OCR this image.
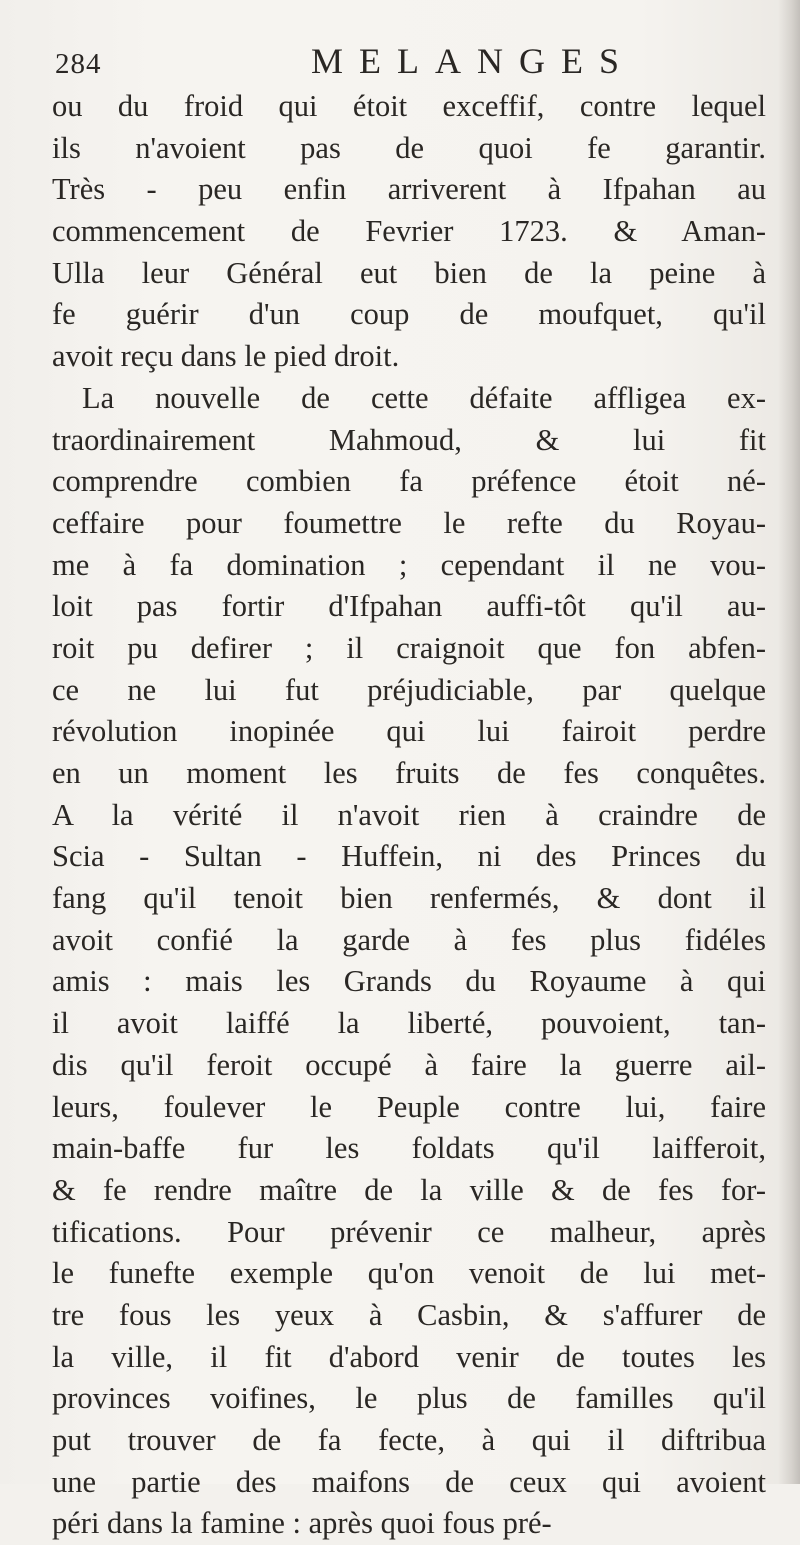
284	MELANGES
ou du froid qui étoit exceffif, contre lequel
ils n'avoient pas de quoi fe garantir.
Très - peu enfin arriverent à Ifpahan au
commencement de Fevrier 1723. & Aman-
Ulla leur Général eut bien de la peine à
fe guérir d'un coup de moufquet, qu'il
avoit reçu dans le pied droit.
La nouvelle de cette défaite affligea ex-
traordinairement Mahmoud, & lui fit
comprendre combien fa préfence étoit né-
ceffaire pour foumettre le refte du Royau-
me à fa domination ; cependant il ne vou-
loit pas fortir d'Ifpahan auffi-tôt qu'il au-
roit pu defirer ; il craignoit que fon abfen-
ce ne lui fut préjudiciable, par quelque
révolution inopinée qui lui fairoit perdre
en un moment les fruits de fes conquêtes.
A la vérité il n'avoit rien à craindre de
Scia - Sultan - Huffein, ni des Princes du
fang qu'il tenoit bien renfermés, & dont il
avoit confié la garde à fes plus fidéles
amis : mais les Grands du Royaume à qui
il avoit laiffé la liberté, pouvoient, tan-
dis qu'il feroit occupé à faire la guerre ail-
leurs, foulever le Peuple contre lui, faire
main-baffe fur les foldats qu'il laifferoit,
& fe rendre maître de la ville & de fes for-
tifications. Pour prévenir ce malheur, après
le funefte exemple qu'on venoit de lui met-
tre fous les yeux à Casbin, & s'affurer de
la ville, il fit d'abord venir de toutes les
provinces voifines, le plus de familles qu'il
put trouver de fa fecte, à qui il diftribua
une partie des maifons de ceux qui avoient
péri dans la famine : après quoi fous pré-
